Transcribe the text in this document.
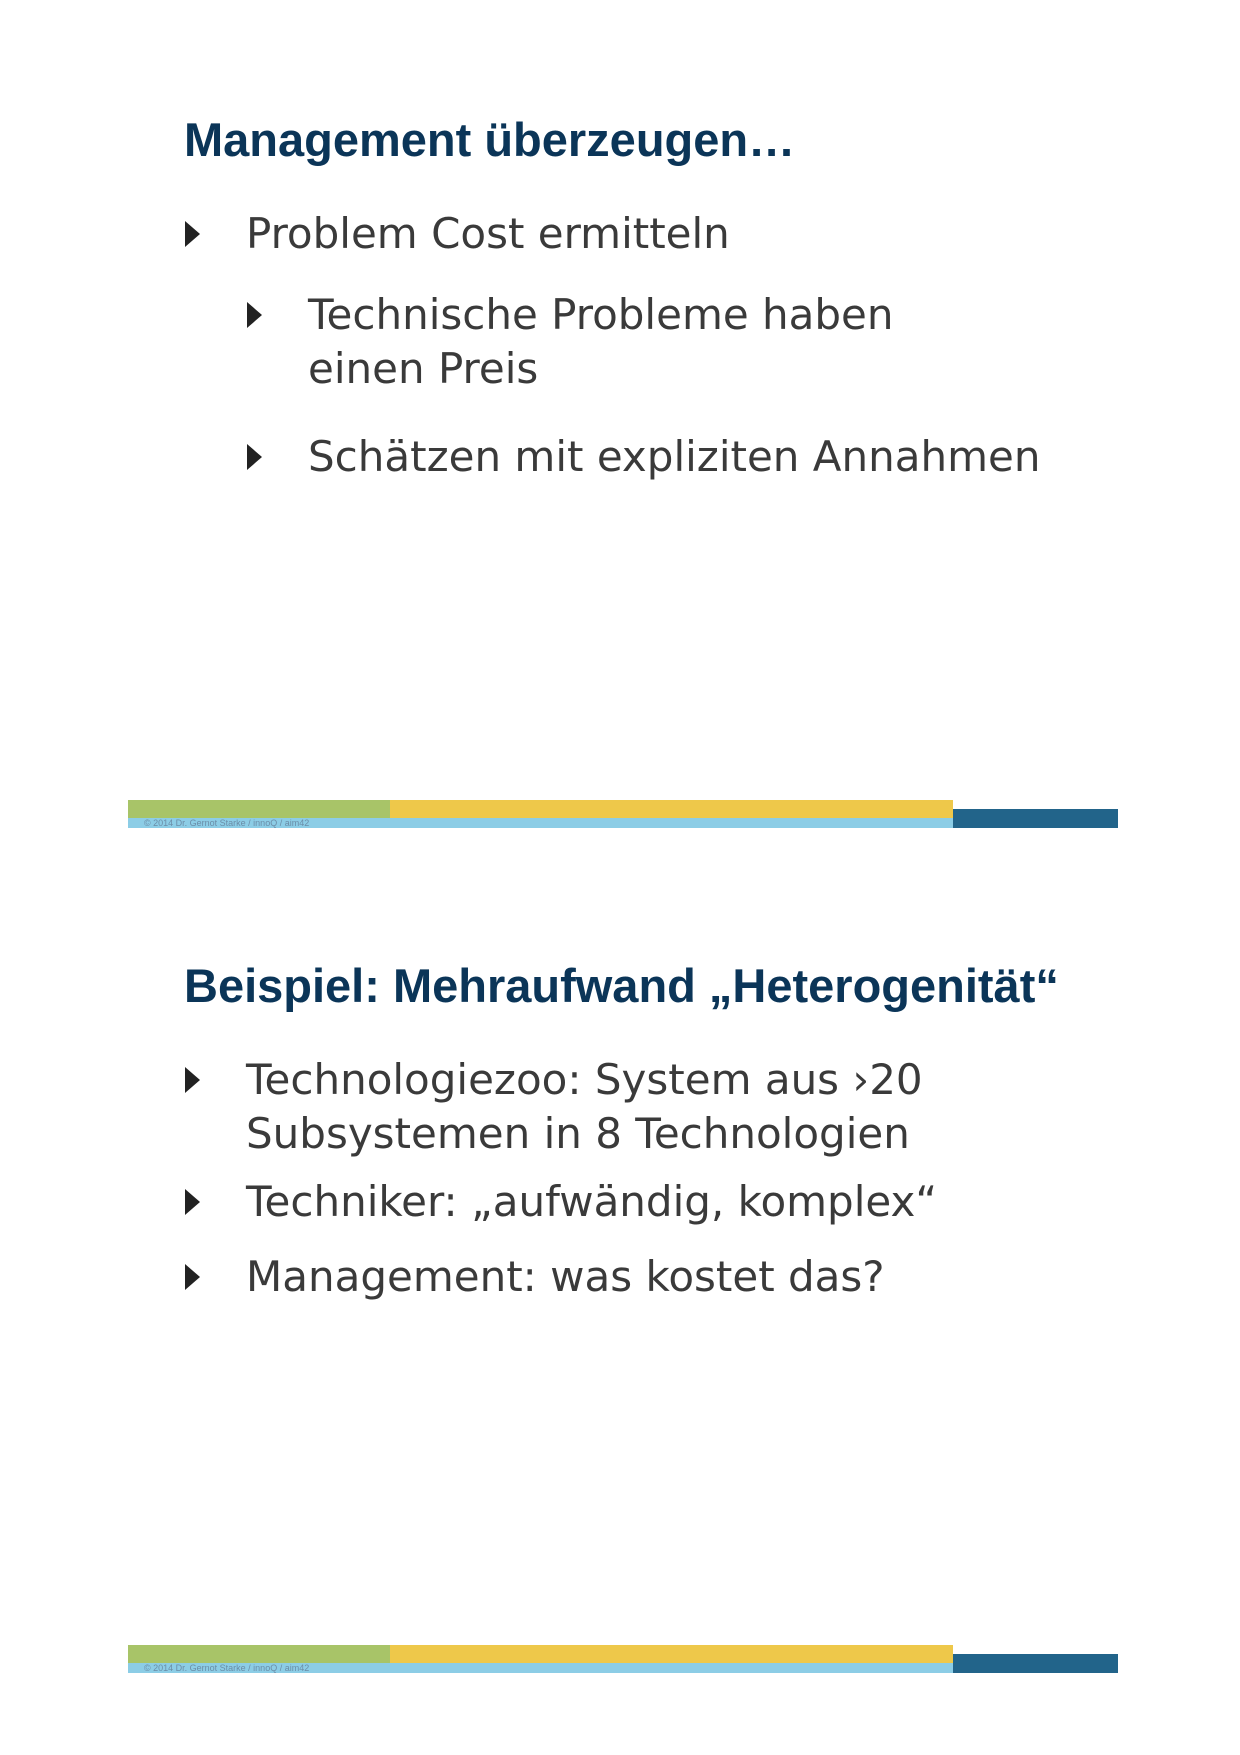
Management überzeugen…
Problem Cost ermitteln
Technische Probleme haben
einen Preis
Schätzen mit expliziten Annahmen
© 2014 Dr. Gernot Starke / innoQ / aim42
Beispiel: Mehraufwand „Heterogenität“
Technologiezoo: System aus ›20
Subsystemen in 8 Technologien
Techniker: „aufwändig, komplex“
Management: was kostet das?
© 2014 Dr. Gernot Starke / innoQ / aim42
